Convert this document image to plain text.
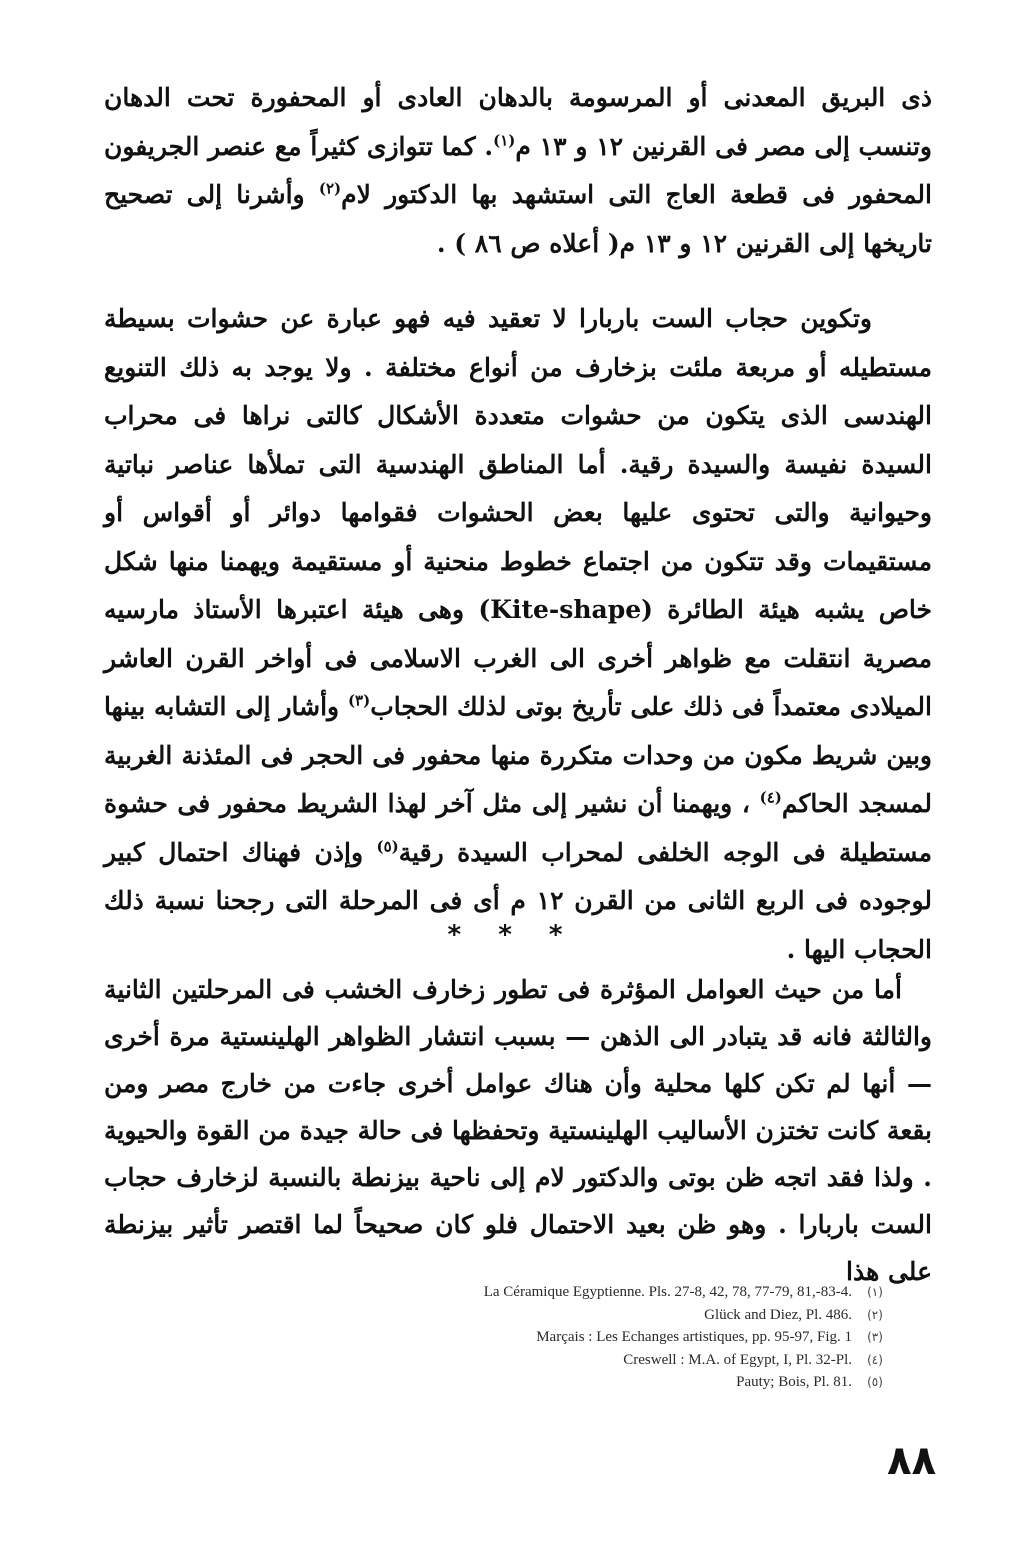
ذى البريق المعدنى أو المرسومة بالدهان العادى أو المحفورة تحت الدهان وتنسب إلى مصر فى القرنين ١٢ و ١٣ م$^{(١)}$. كما تتوازى كثيراً مع عنصر الجريفون المحفور فى قطعة العاج التى استشهد بها الدكتور لام$^{(٢)}$ وأشرنا إلى تصحيح تاريخها إلى القرنين ١٢ و ١٣ م( أعلاه ص ٨٦ ) .
وتكوين حجاب الست باربارا لا تعقيد فيه فهو عبارة عن حشوات بسيطة مستطيله أو مربعة ملئت بزخارف من أنواع مختلفة . ولا يوجد به ذلك التنويع الهندسى الذى يتكون من حشوات متعددة الأشكال كالتى نراها فى محراب السيدة نفيسة والسيدة رقية. أما المناطق الهندسية التى تملأها عناصر نباتية وحيوانية والتى تحتوى عليها بعض الحشوات فقوامها دوائر أو أقواس أو مستقيمات وقد تتكون من اجتماع خطوط منحنية أو مستقيمة ويهمنا منها شكل خاص يشبه هيئة الطائرة (Kite-shape) وهى هيئة اعتبرها الأستاذ مارسيه مصرية انتقلت مع ظواهر أخرى الى الغرب الاسلامى فى أواخر القرن العاشر الميلادى معتمداً فى ذلك على تأريخ بوتى لذلك الحجاب$^{(٣)}$ وأشار إلى التشابه بينها وبين شريط مكون من وحدات متكررة منها محفور فى الحجر فى المئذنة الغربية لمسجد الحاكم$^{(٤)}$ ، ويهمنا أن نشير إلى مثل آخر لهذا الشريط محفور فى حشوة مستطيلة فى الوجه الخلفى لمحراب السيدة رقية$^{(٥)}$ وإذن فهناك احتمال كبير لوجوده فى الربع الثانى من القرن ١٢ م أى فى المرحلة التى رجحنا نسبة ذلك الحجاب اليها .
* * *
أما من حيث العوامل المؤثرة فى تطور زخارف الخشب فى المرحلتين الثانية والثالثة فانه قد يتبادر الى الذهن — بسبب انتشار الظواهر الهلينستية مرة أخرى — أنها لم تكن كلها محلية وأن هناك عوامل أخرى جاءت من خارج مصر ومن بقعة كانت تختزن الأساليب الهلينستية وتحفظها فى حالة جيدة من القوة والحيوية . ولذا فقد اتجه ظن بوتى والدكتور لام إلى ناحية بيزنطة بالنسبة لزخارف حجاب الست باربارا . وهو ظن بعيد الاحتمال فلو كان صحيحاً لما اقتصر تأثير بيزنطة على هذا
La Céramique Egyptienne. Pls. 27-8, 42, 78, 77-79, 81,-83-4.	(١)
Glück and Diez, Pl. 486.	(٢)
Marçais : Les Echanges artistiques, pp. 95-97, Fig. 1	(٣)
Creswell : M.A. of Egypt, I, Pl. 32-Pl.	(٤)
Pauty; Bois, Pl. 81.	(٥)
٨٨
